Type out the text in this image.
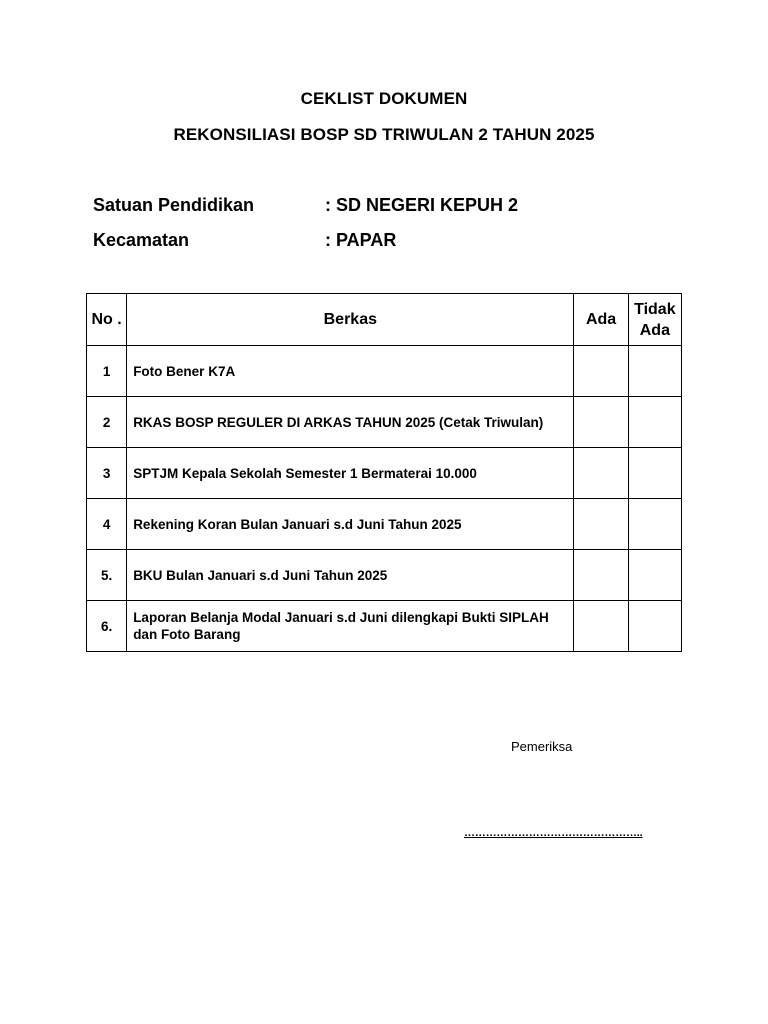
CEKLIST DOKUMEN
REKONSILIASI BOSP SD TRIWULAN 2 TAHUN 2025
Satuan Pendidikan	: SD NEGERI KEPUH 2
Kecamatan	: PAPAR
No .	Berkas	Ada	Tidak Ada
1	Foto Bener K7A		
2	RKAS BOSP REGULER DI ARKAS TAHUN 2025 (Cetak Triwulan)		
3	SPTJM Kepala Sekolah Semester 1 Bermaterai 10.000		
4	Rekening Koran Bulan Januari s.d Juni Tahun 2025		
5.	BKU Bulan Januari s.d Juni Tahun 2025		
6.	Laporan Belanja Modal Januari s.d Juni dilengkapi Bukti SIPLAH dan Foto Barang		
Pemeriksa
…………………………………………..
